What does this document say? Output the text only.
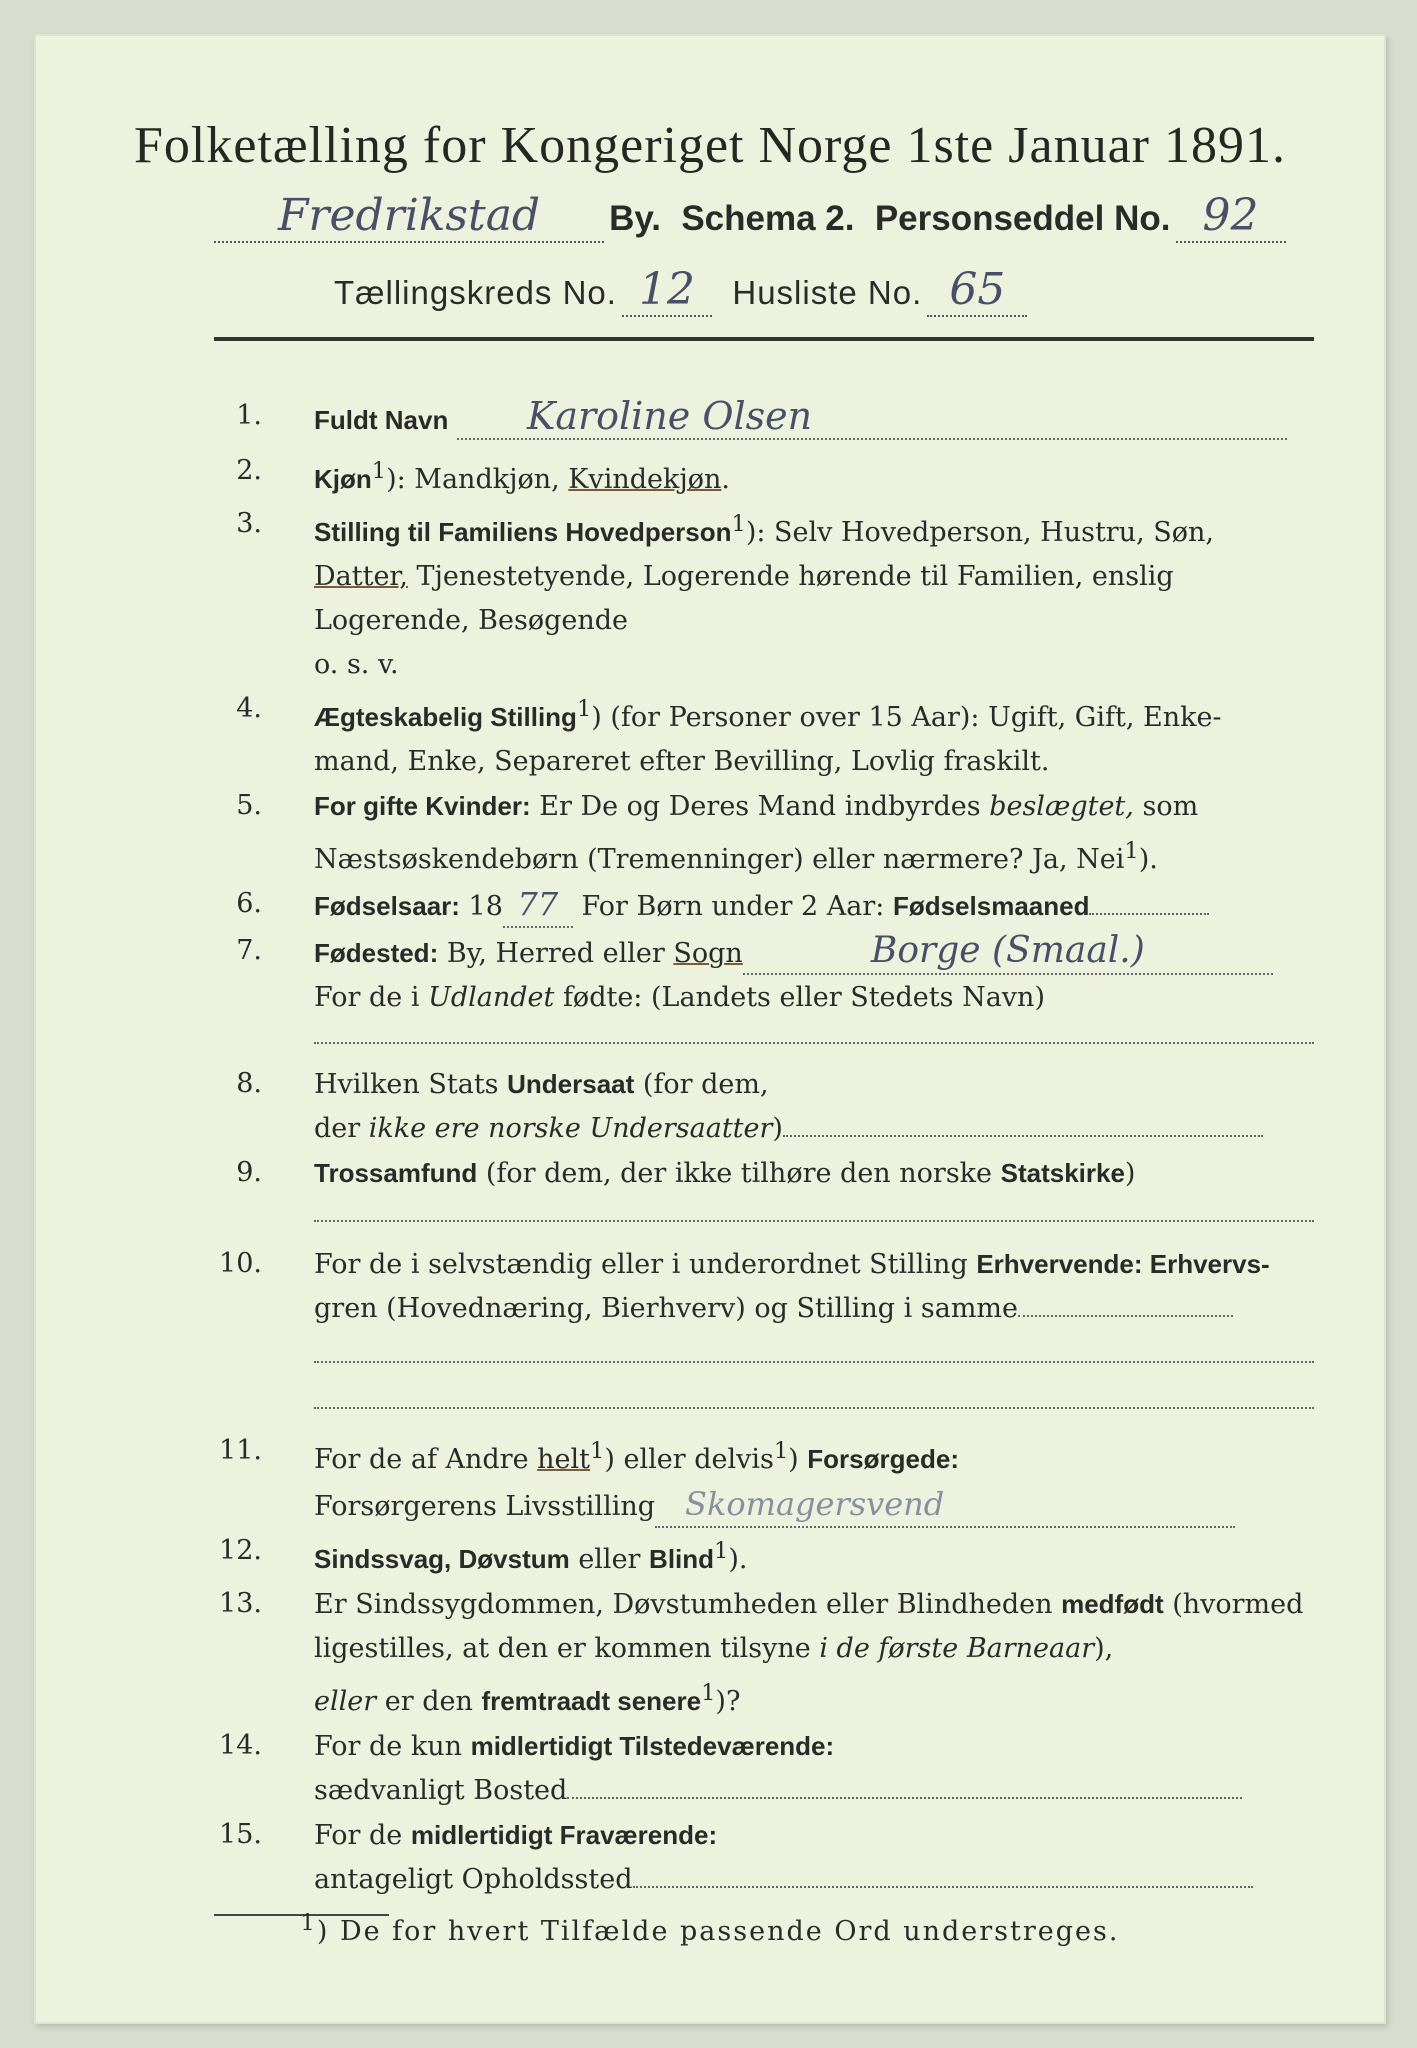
Folketælling for Kongeriget Norge 1ste Januar 1891.
Fredrikstad By. Schema 2. Personseddel No. 92
Tællingskreds No. 12 Husliste No. 65
1. Fuldt Navn Karoline Olsen
2. Kjøn$^1$): Mandkjøn, Kvindekjøn.
3. Stilling til Familiens Hovedperson$^1$): Selv Hovedperson, Hustru, Søn,
Datter, Tjenestetyende, Logerende hørende til Familien, enslig
Logerende, Besøgende
o. s. v.
4. Ægteskabelig Stilling$^1$) (for Personer over 15 Aar): Ugift, Gift, Enke-
mand, Enke, Separeret efter Bevilling, Lovlig fraskilt.
5. For gifte Kvinder: Er De og Deres Mand indbyrdes beslægtet, som
Næstsøskendebørn (Tremenninger) eller nærmere? Ja, Nei$^1$).
6. Fødselsaar: 18 77 For Børn under 2 Aar: Fødselsmaaned
7. Fødested: By, Herred eller Sogn	Borge (Smaal.)
For de i Udlandet fødte: (Landets eller Stedets Navn)
8. Hvilken Stats Undersaat (for dem,
der ikke ere norske Undersaatter)
9. Trossamfund (for dem, der ikke tilhøre den norske Statskirke)
10. For de i selvstændig eller i underordnet Stilling Erhvervende: Erhvervs-
gren (Hovednæring, Bierhverv) og Stilling i samme
11. For de af Andre helt$^1$) eller delvis$^1$) Forsørgede:
Forsørgerens Livsstilling Skomagersvend
12. Sindssvag, Døvstum eller Blind$^1$).
13. Er Sindssygdommen, Døvstumheden eller Blindheden medfødt (hvormed
ligestilles, at den er kommen tilsyne i de første Barneaar),
eller er den fremtraadt senere$^1$)?
14. For de kun midlertidigt Tilstedeværende:
sædvanligt Bosted
15. For de midlertidigt Fraværende:
antageligt Opholdssted
$^1$) De for hvert Tilfælde passende Ord understreges.
